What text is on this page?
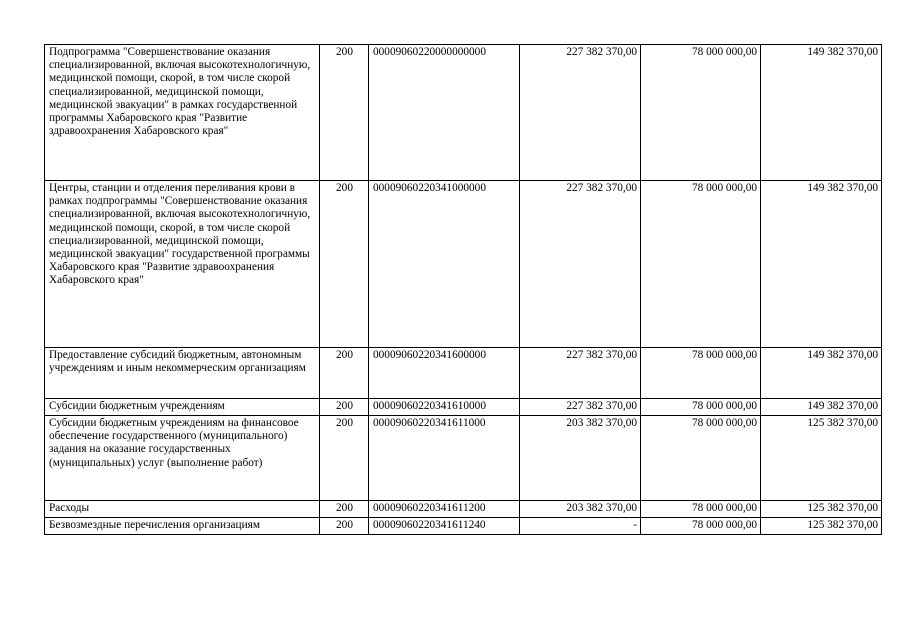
Подпрограмма "Совершенствование оказания специализированной, включая высокотехнологичную, медицинской помощи, скорой, в том числе скорой специализированной, медицинской помощи, медицинской эвакуации" в рамках государственной программы Хабаровского края "Развитие здравоохранения Хабаровского края"	200	00009060220000000000	227 382 370,00	78 000 000,00	149 382 370,00
Центры, станции и отделения переливания крови в рамках подпрограммы "Совершенствование оказания специализированной, включая высокотехнологичную, медицинской помощи, скорой, в том числе скорой специализированной, медицинской помощи, медицинской эвакуации" государственной программы Хабаровского края "Развитие здравоохранения Хабаровского края"	200	00009060220341000000	227 382 370,00	78 000 000,00	149 382 370,00
Предоставление субсидий бюджетным, автономным учреждениям и иным некоммерческим организациям	200	00009060220341600000	227 382 370,00	78 000 000,00	149 382 370,00
Субсидии бюджетным учреждениям	200	00009060220341610000	227 382 370,00	78 000 000,00	149 382 370,00
Субсидии бюджетным учреждениям на финансовое обеспечение государственного (муниципального) задания на оказание государственных (муниципальных) услуг (выполнение работ)	200	00009060220341611000	203 382 370,00	78 000 000,00	125 382 370,00
Расходы	200	00009060220341611200	203 382 370,00	78 000 000,00	125 382 370,00
Безвозмездные перечисления организациям	200	00009060220341611240	-	78 000 000,00	125 382 370,00
